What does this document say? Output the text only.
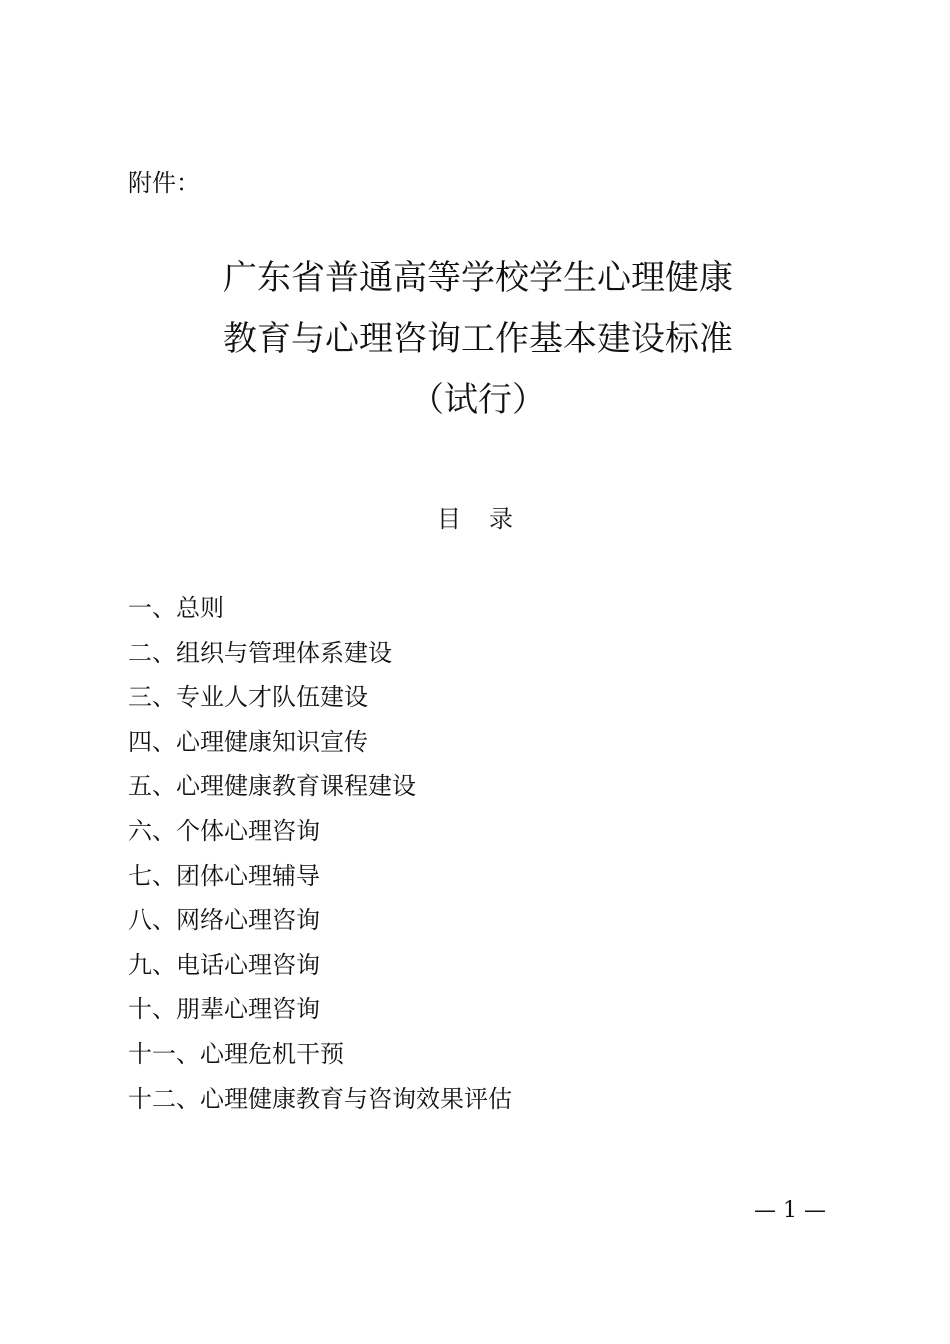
附件：
广东省普通高等学校学生心理健康
教育与心理咨询工作基本建设标准
（试行）
目录
一、总则
二、组织与管理体系建设
三、专业人才队伍建设
四、心理健康知识宣传
五、心理健康教育课程建设
六、个体心理咨询
七、团体心理辅导
八、网络心理咨询
九、电话心理咨询
十、朋辈心理咨询
十一、心理危机干预
十二、心理健康教育与咨询效果评估
— 1 —
